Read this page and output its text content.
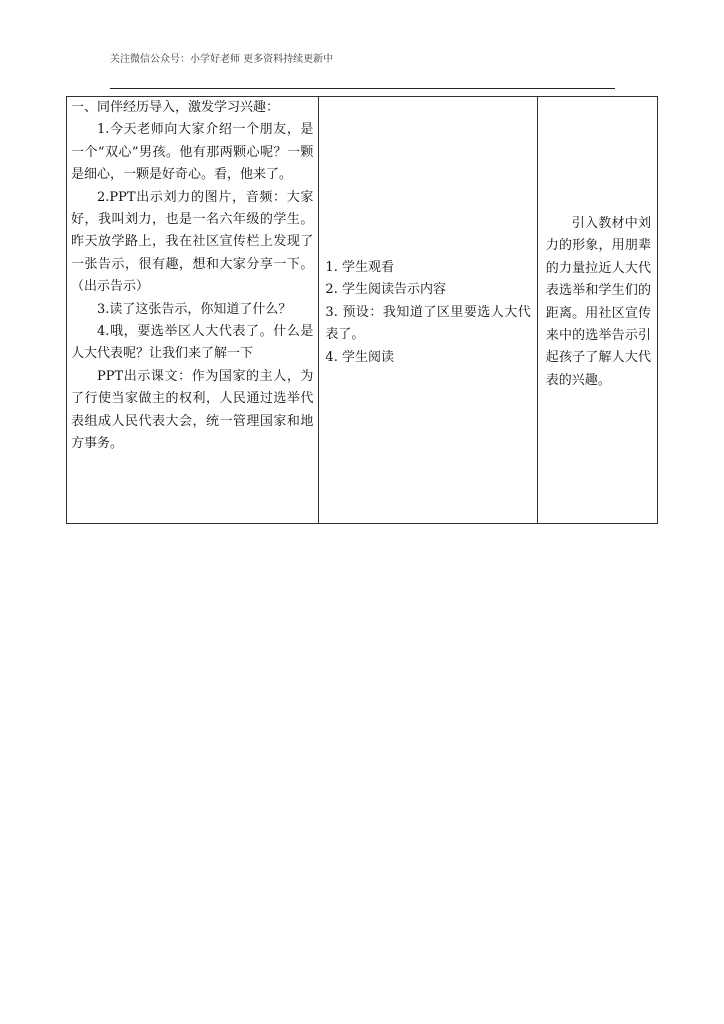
关注微信公众号：小学好老师 更多资料持续更新中
一、同伴经历导入，激发学习兴趣：
1.今天老师向大家介绍一个朋友，是一个“双心”男孩。他有那两颗心呢？一颗是细心，一颗是好奇心。看，他来了。
2.PPT出示刘力的图片，音频：大家好，我叫刘力，也是一名六年级的学生。昨天放学路上，我在社区宣传栏上发现了一张告示，很有趣，想和大家分享一下。（出示告示）
3.读了这张告示，你知道了什么？
4.哦，要选举区人大代表了。什么是人大代表呢？让我们来了解一下
PPT出示课文：作为国家的主人，为了行使当家做主的权利，人民通过选举代表组成人民代表大会，统一管理国家和地方事务。

1. 学生观看
2. 学生阅读告示内容
3. 预设：我知道了区里要选人大代表了。
4. 学生阅读

引入教材中刘力的形象，用朋辈的力量拉近人大代表选举和学生们的距离。用社区宣传来中的选举告示引起孩子了解人大代表的兴趣。
